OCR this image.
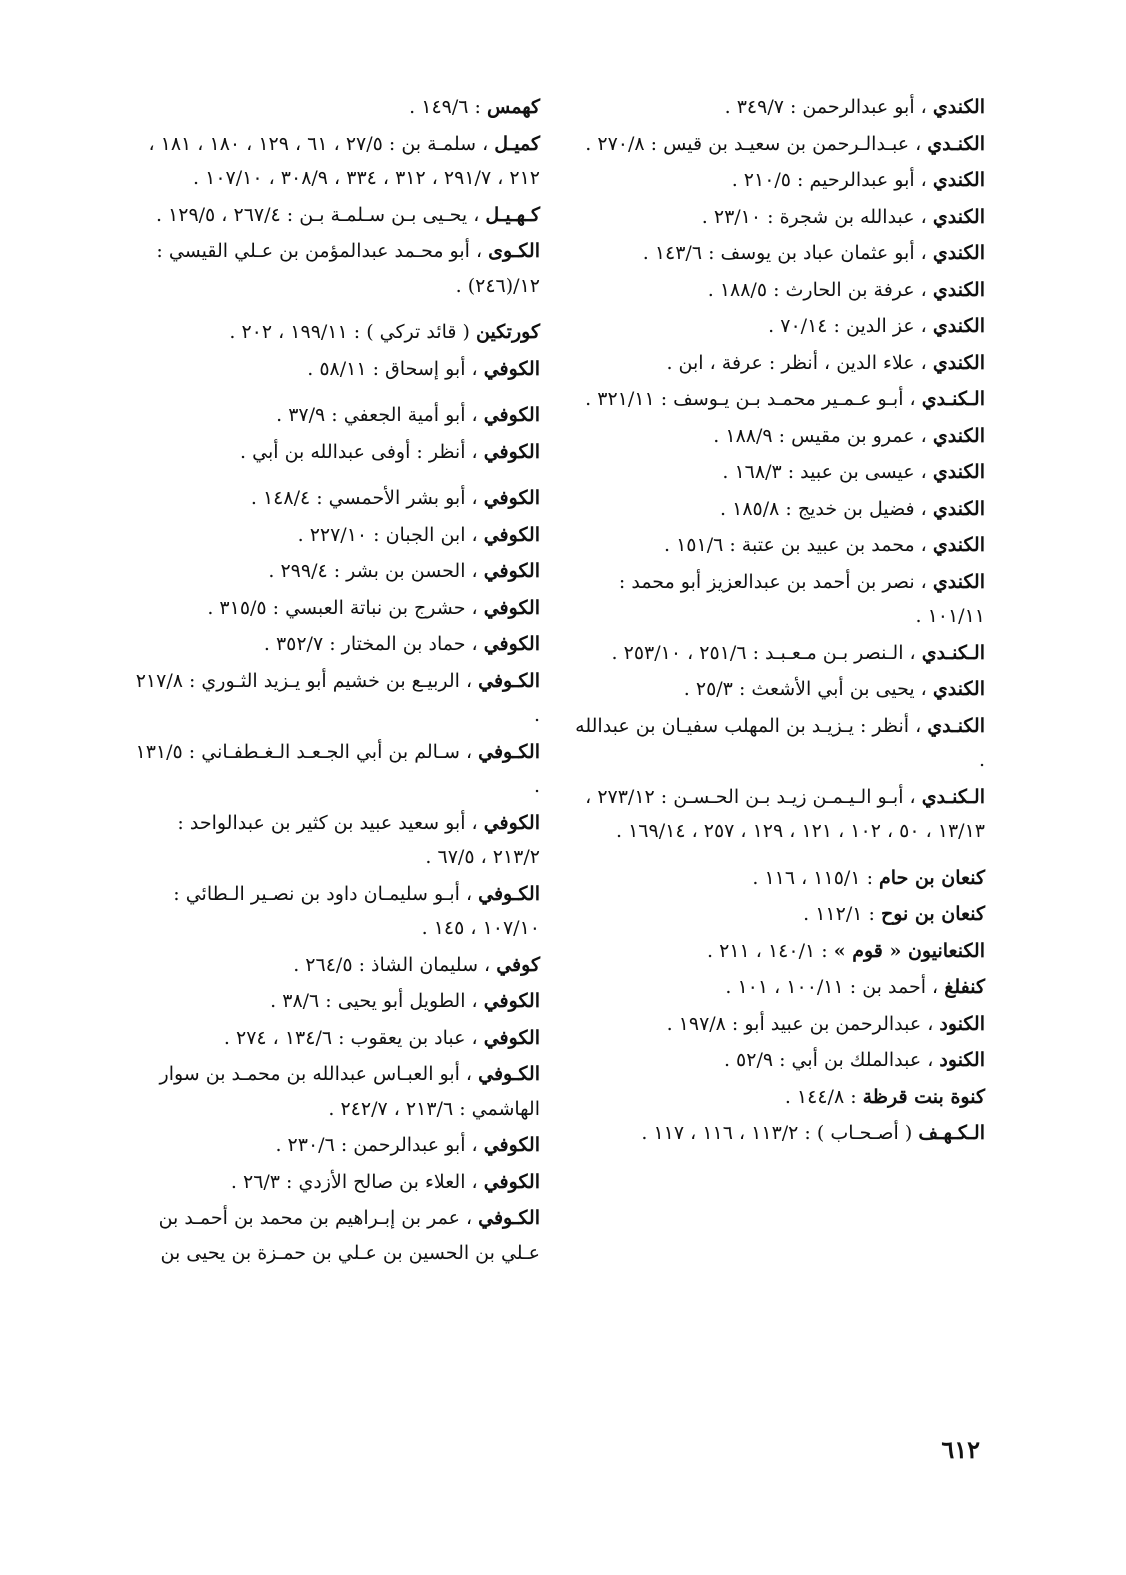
الكندي ، أبو عبدالرحمن : ٣٤٩/٧ .
الكنـدي ، عبـدالـرحمن بن سعيـد بن قيس : ٢٧٠/٨ .
الكندي ، أبو عبدالرحيم : ٢١٠/٥ .
الكندي ، عبدالله بن شجرة : ٢٣/١٠ .
الكندي ، أبو عثمان عباد بن يوسف : ١٤٣/٦ .
الكندي ، عرفة بن الحارث : ١٨٨/٥ .
الكندي ، عز الدين : ٧٠/١٤ .
الكندي ، علاء الدين ، أنظر : عرفة ، ابن .
الـكنـدي ، أبـو عـمـير محمـد بـن يـوسف : ٣٢١/١١ .
الكندي ، عمرو بن مقيس : ١٨٨/٩ .
الكندي ، عيسى بن عبيد : ١٦٨/٣ .
الكندي ، فضيل بن خديج : ١٨٥/٨ .
الكندي ، محمد بن عبيد بن عتبة : ١٥١/٦ .
الكندي ، نصر بن أحمد بن عبدالعزيز أبو محمد : ١٠١/١١ .
الـكنـدي ، الـنصر بـن مـعـبـد : ٢٥١/٦ ، ٢٥٣/١٠ .
الكندي ، يحيى بن أبي الأشعث : ٢٥/٣ .
الكنـدي ، أنظر : يـزيـد بن المهلب سفيـان بن عبدالله .
الـكنـدي ، أبـو الـيـمـن زيـد بـن الحـسـن : ٢٧٣/١٢ ، ١٣/١٣ ، ٥٠ ، ١٠٢ ، ١٢١ ، ١٢٩ ، ٢٥٧ ، ١٦٩/١٤ .
كنعان بن حام : ١١٥/١ ، ١١٦ .
كنعان بن نوح : ١١٢/١ .
الكنعانيون « قوم » : ١٤٠/١ ، ٢١١ .
كنفلغ ، أحمد بن : ١٠٠/١١ ، ١٠١ .
الكنود ، عبدالرحمن بن عبيد أبو : ١٩٧/٨ .
الكنود ، عبدالملك بن أبي : ٥٢/٩ .
كنوة بنت قرظة : ١٤٤/٨ .
الـكـهـف ( أصـحـاب ) : ١١٣/٢ ، ١١٦ ، ١١٧ .
كهمس : ١٤٩/٦ .
كميـل ، سلمـة بن : ٢٧/٥ ، ٦١ ، ١٢٩ ، ١٨٠ ، ١٨١ ، ٢١٢ ، ٢٩١/٧ ، ٣١٢ ، ٣٣٤ ، ٣٠٨/٩ ، ١٠٧/١٠ .
كـهـيـل ، يحـيى بـن سـلمـة بـن : ٢٦٧/٤ ، ١٢٩/٥ .
الكـوى ، أبو محـمد عبدالمؤمن بن عـلي القيسي : ١٢/(٢٤٦) .
كورتكين ( قائد تركي ) : ١٩٩/١١ ، ٢٠٢ .
الكوفي ، أبو إسحاق : ٥٨/١١ .
الكوفي ، أبو أمية الجعفي : ٣٧/٩ .
الكوفي ، أنظر : أوفى عبدالله بن أبي .
الكوفي ، أبو بشر الأحمسي : ١٤٨/٤ .
الكوفي ، ابن الجبان : ٢٢٧/١٠ .
الكوفي ، الحسن بن بشر : ٢٩٩/٤ .
الكوفي ، حشرج بن نباتة العبسي : ٣١٥/٥ .
الكوفي ، حماد بن المختار : ٣٥٢/٧ .
الكـوفي ، الربيـع بن خشيم أبو يـزيد الثـوري : ٢١٧/٨ .
الكـوفي ، سـالم بن أبي الجـعـد الـغـطفـاني : ١٣١/٥ .
الكوفي ، أبو سعيد عبيد بن كثير بن عبدالواحد : ٢١٣/٢ ، ٦٧/٥ .
الكـوفي ، أبـو سليمـان داود بن نصـير الـطائي : ١٠٧/١٠ ، ١٤٥ .
كوفي ، سليمان الشاذ : ٢٦٤/٥ .
الكوفي ، الطويل أبو يحيى : ٣٨/٦ .
الكوفي ، عباد بن يعقوب : ١٣٤/٦ ، ٢٧٤ .
الكـوفي ، أبو العبـاس عبدالله بن محمـد بن سوار الهاشمي : ٢١٣/٦ ، ٢٤٢/٧ .
الكوفي ، أبو عبدالرحمن : ٢٣٠/٦ .
الكوفي ، العلاء بن صالح الأزدي : ٢٦/٣ .
الكـوفي ، عمر بن إبـراهيم بن محمد بن أحمـد بن عـلي بن الحسين بن عـلي بن حمـزة بن يحيى بن
٦١٢
